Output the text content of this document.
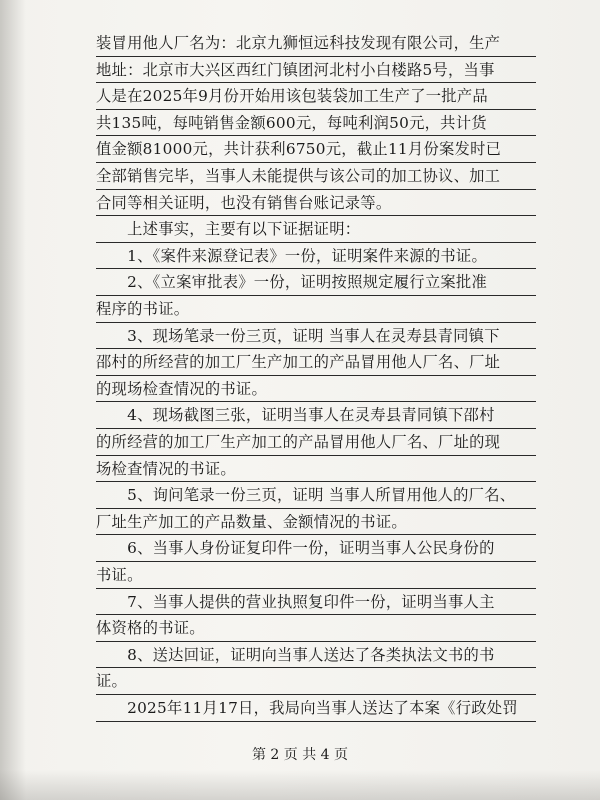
装冒用他人厂名为：北京九狮恒远科技发现有限公司，生产
地址：北京市大兴区西红门镇团河北村小白楼路5号，当事
人是在2025年9月份开始用该包装袋加工生产了一批产品
共135吨，每吨销售金额600元，每吨利润50元，共计货
值金额81000元，共计获利6750元，截止11月份案发时已
全部销售完毕，当事人未能提供与该公司的加工协议、加工
合同等相关证明，也没有销售台账记录等。
　　上述事实，主要有以下证据证明：
　　1、《案件来源登记表》一份，证明案件来源的书证。
　　2、《立案审批表》一份，证明按照规定履行立案批准
程序的书证。
　　3、现场笔录一份三页，证明 当事人在灵寿县青同镇下
邵村的所经营的加工厂生产加工的产品冒用他人厂名、厂址
的现场检查情况的书证。
　　4、现场截图三张，证明当事人在灵寿县青同镇下邵村
的所经营的加工厂生产加工的产品冒用他人厂名、厂址的现
场检查情况的书证。
　　5、询问笔录一份三页，证明 当事人所冒用他人的厂名、
厂址生产加工的产品数量、金额情况的书证。
　　6、当事人身份证复印件一份，证明当事人公民身份的
书证。
　　7、当事人提供的营业执照复印件一份，证明当事人主
体资格的书证。
　　8、送达回证，证明向当事人送达了各类执法文书的书
第 2 页 共 4 页
证。
　　2025年11月17日，我局向当事人送达了本案《行政处罚
